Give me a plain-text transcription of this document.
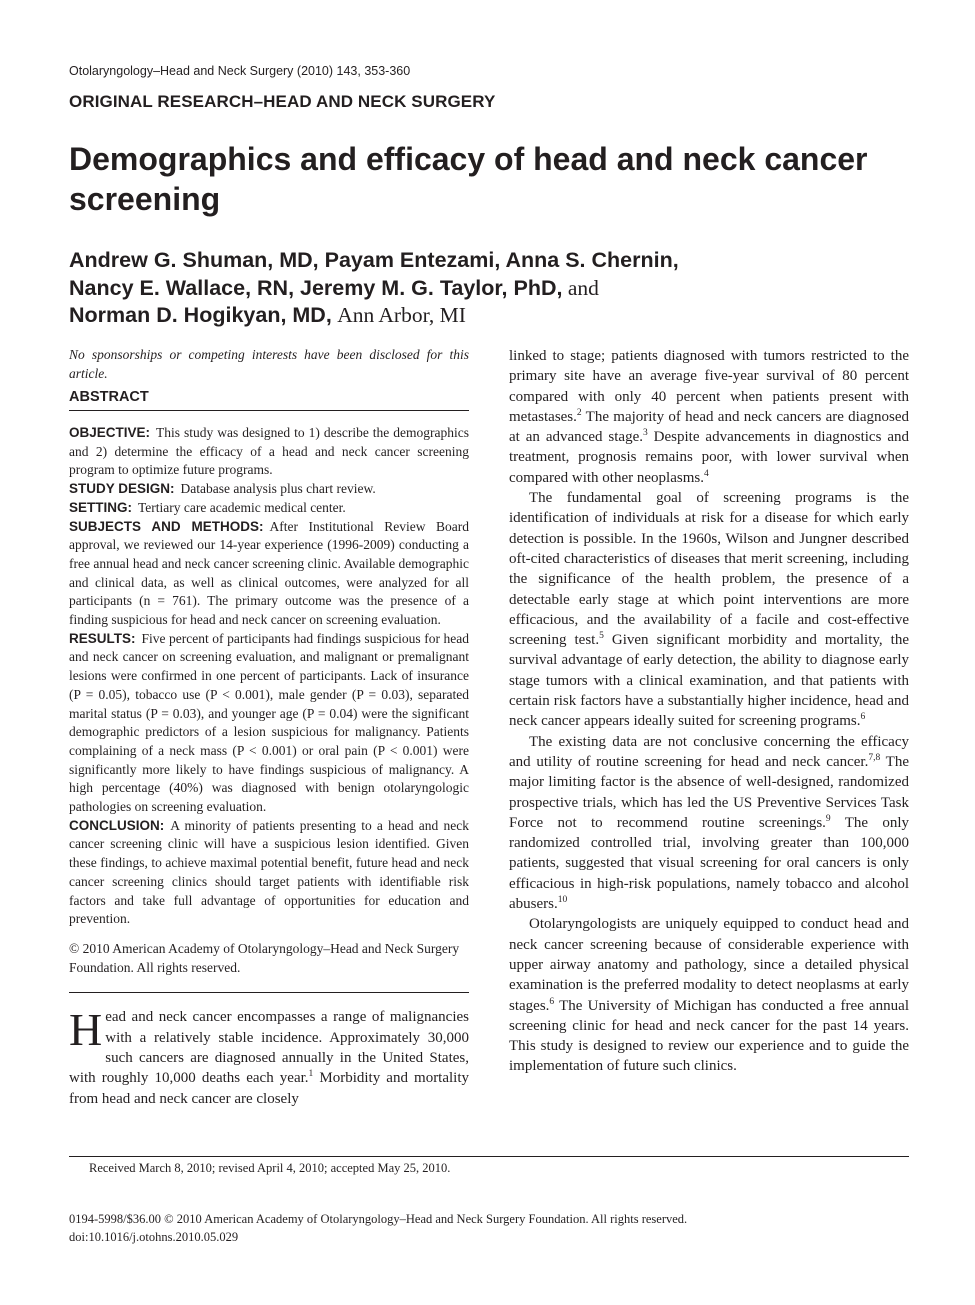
Otolaryngology–Head and Neck Surgery (2010) 143, 353-360
ORIGINAL RESEARCH–HEAD AND NECK SURGERY
Demographics and efficacy of head and neck cancer screening
Andrew G. Shuman, MD, Payam Entezami, Anna S. Chernin,
Nancy E. Wallace, RN, Jeremy M. G. Taylor, PhD, and
Norman D. Hogikyan, MD, Ann Arbor, MI

No sponsorships or competing interests have been disclosed for this article.

ABSTRACT

OBJECTIVE: This study was designed to 1) describe the demographics and 2) determine the efficacy of a head and neck cancer screening program to optimize future programs.

STUDY DESIGN: Database analysis plus chart review.

SETTING: Tertiary care academic medical center.

SUBJECTS AND METHODS: After Institutional Review Board approval, we reviewed our 14-year experience (1996-2009) conducting a free annual head and neck cancer screening clinic. Available demographic and clinical data, as well as clinical outcomes, were analyzed for all participants (n = 761). The primary outcome was the presence of a finding suspicious for head and neck cancer on screening evaluation.

RESULTS: Five percent of participants had findings suspicious for head and neck cancer on screening evaluation, and malignant or premalignant lesions were confirmed in one percent of participants. Lack of insurance (P = 0.05), tobacco use (P < 0.001), male gender (P = 0.03), separated marital status (P = 0.03), and younger age (P = 0.04) were the significant demographic predictors of a lesion suspicious for malignancy. Patients complaining of a neck mass (P < 0.001) or oral pain (P < 0.001) were significantly more likely to have findings suspicious of malignancy. A high percentage (40%) was diagnosed with benign otolaryngologic pathologies on screening evaluation.

CONCLUSION: A minority of patients presenting to a head and neck cancer screening clinic will have a suspicious lesion identified. Given these findings, to achieve maximal potential benefit, future head and neck cancer screening clinics should target patients with identifiable risk factors and take full advantage of opportunities for education and prevention.

© 2010 American Academy of Otolaryngology–Head and Neck Surgery Foundation. All rights reserved.

Head and neck cancer encompasses a range of malignancies with a relatively stable incidence. Approximately 30,000 such cancers are diagnosed annually in the United States, with roughly 10,000 deaths each year.$^1$ Morbidity and mortality from head and neck cancer are closely

linked to stage; patients diagnosed with tumors restricted to the primary site have an average five-year survival of 80 percent compared with only 40 percent when patients present with metastases.$^2$ The majority of head and neck cancers are diagnosed at an advanced stage.$^3$ Despite advancements in diagnostics and treatment, prognosis remains poor, with lower survival when compared with other neoplasms.$^4$

The fundamental goal of screening programs is the identification of individuals at risk for a disease for which early detection is possible. In the 1960s, Wilson and Jungner described oft-cited characteristics of diseases that merit screening, including the significance of the health problem, the presence of a detectable early stage at which point interventions are more efficacious, and the availability of a facile and cost-effective screening test.$^5$ Given significant morbidity and mortality, the survival advantage of early detection, the ability to diagnose early stage tumors with a clinical examination, and that patients with certain risk factors have a substantially higher incidence, head and neck cancer appears ideally suited for screening programs.$^6$

The existing data are not conclusive concerning the efficacy and utility of routine screening for head and neck cancer.$^{7,8}$ The major limiting factor is the absence of well-designed, randomized prospective trials, which has led the US Preventive Services Task Force not to recommend routine screenings.$^9$ The only randomized controlled trial, involving greater than 100,000 patients, suggested that visual screening for oral cancers is only efficacious in high-risk populations, namely tobacco and alcohol abusers.$^{10}$

Otolaryngologists are uniquely equipped to conduct head and neck cancer screening because of considerable experience with upper airway anatomy and pathology, since a detailed physical examination is the preferred modality to detect neoplasms at early stages.$^6$ The University of Michigan has conducted a free annual screening clinic for head and neck cancer for the past 14 years. This study is designed to review our experience and to guide the implementation of future such clinics.

Received March 8, 2010; revised April 4, 2010; accepted May 25, 2010.
0194-5998/$36.00 © 2010 American Academy of Otolaryngology–Head and Neck Surgery Foundation. All rights reserved.
doi:10.1016/j.otohns.2010.05.029
